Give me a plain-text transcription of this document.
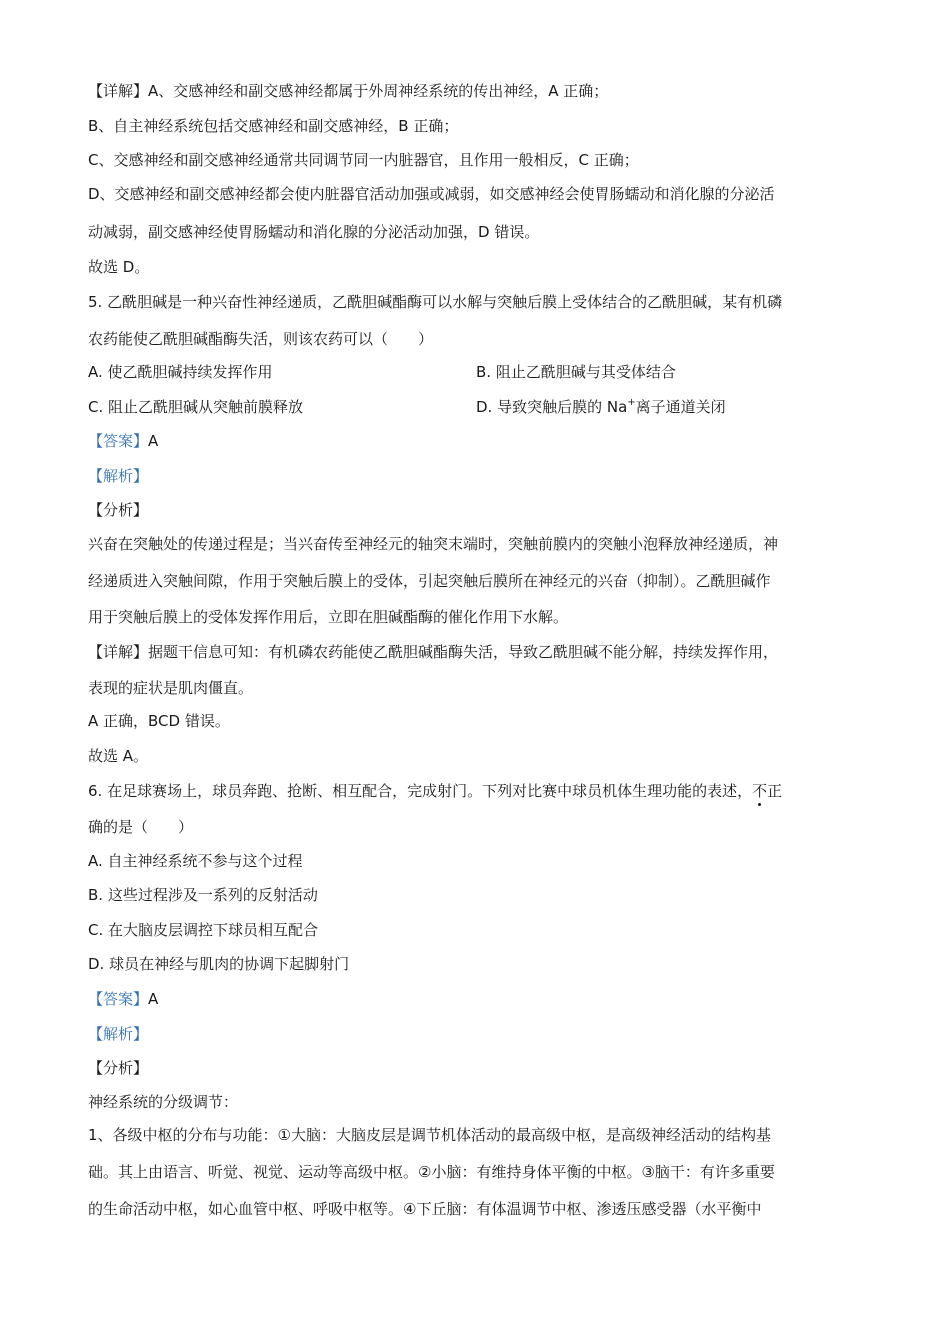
【详解】A、交感神经和副交感神经都属于外周神经系统的传出神经，A 正确；
B、自主神经系统包括交感神经和副交感神经，B 正确；
C、交感神经和副交感神经通常共同调节同一内脏器官，且作用一般相反，C 正确；
D、交感神经和副交感神经都会使内脏器官活动加强或减弱，如交感神经会使胃肠蠕动和消化腺的分泌活
动减弱，副交感神经使胃肠蠕动和消化腺的分泌活动加强，D 错误。
故选 D。
5. 乙酰胆碱是一种兴奋性神经递质，乙酰胆碱酯酶可以水解与突触后膜上受体结合的乙酰胆碱，某有机磷
农药能使乙酰胆碱酯酶失活，则该农药可以（　　）
A. 使乙酰胆碱持续发挥作用	B. 阻止乙酰胆碱与其受体结合
C. 阻止乙酰胆碱从突触前膜释放	D. 导致突触后膜的 Na+离子通道关闭
【答案】A
【解析】
【分析】
兴奋在突触处的传递过程是；当兴奋传至神经元的轴突末端时，突触前膜内的突触小泡释放神经递质，神
经递质进入突触间隙，作用于突触后膜上的受体，引起突触后膜所在神经元的兴奋（抑制）。乙酰胆碱作
用于突触后膜上的受体发挥作用后，立即在胆碱酯酶的催化作用下水解。
【详解】据题干信息可知：有机磷农药能使乙酰胆碱酯酶失活，导致乙酰胆碱不能分解，持续发挥作用，
表现的症状是肌肉僵直。
A 正确，BCD 错误。
故选 A。
6. 在足球赛场上，球员奔跑、抢断、相互配合，完成射门。下列对比赛中球员机体生理功能的表述，不正
确的是（　　）
A. 自主神经系统不参与这个过程
B. 这些过程涉及一系列的反射活动
C. 在大脑皮层调控下球员相互配合
D. 球员在神经与肌肉的协调下起脚射门
【答案】A
【解析】
【分析】
神经系统的分级调节：
1、各级中枢的分布与功能：①大脑：大脑皮层是调节机体活动的最高级中枢，是高级神经活动的结构基
础。其上由语言、听觉、视觉、运动等高级中枢。②小脑：有维持身体平衡的中枢。③脑干：有许多重要
的生命活动中枢，如心血管中枢、呼吸中枢等。④下丘脑：有体温调节中枢、渗透压感受器（水平衡中
